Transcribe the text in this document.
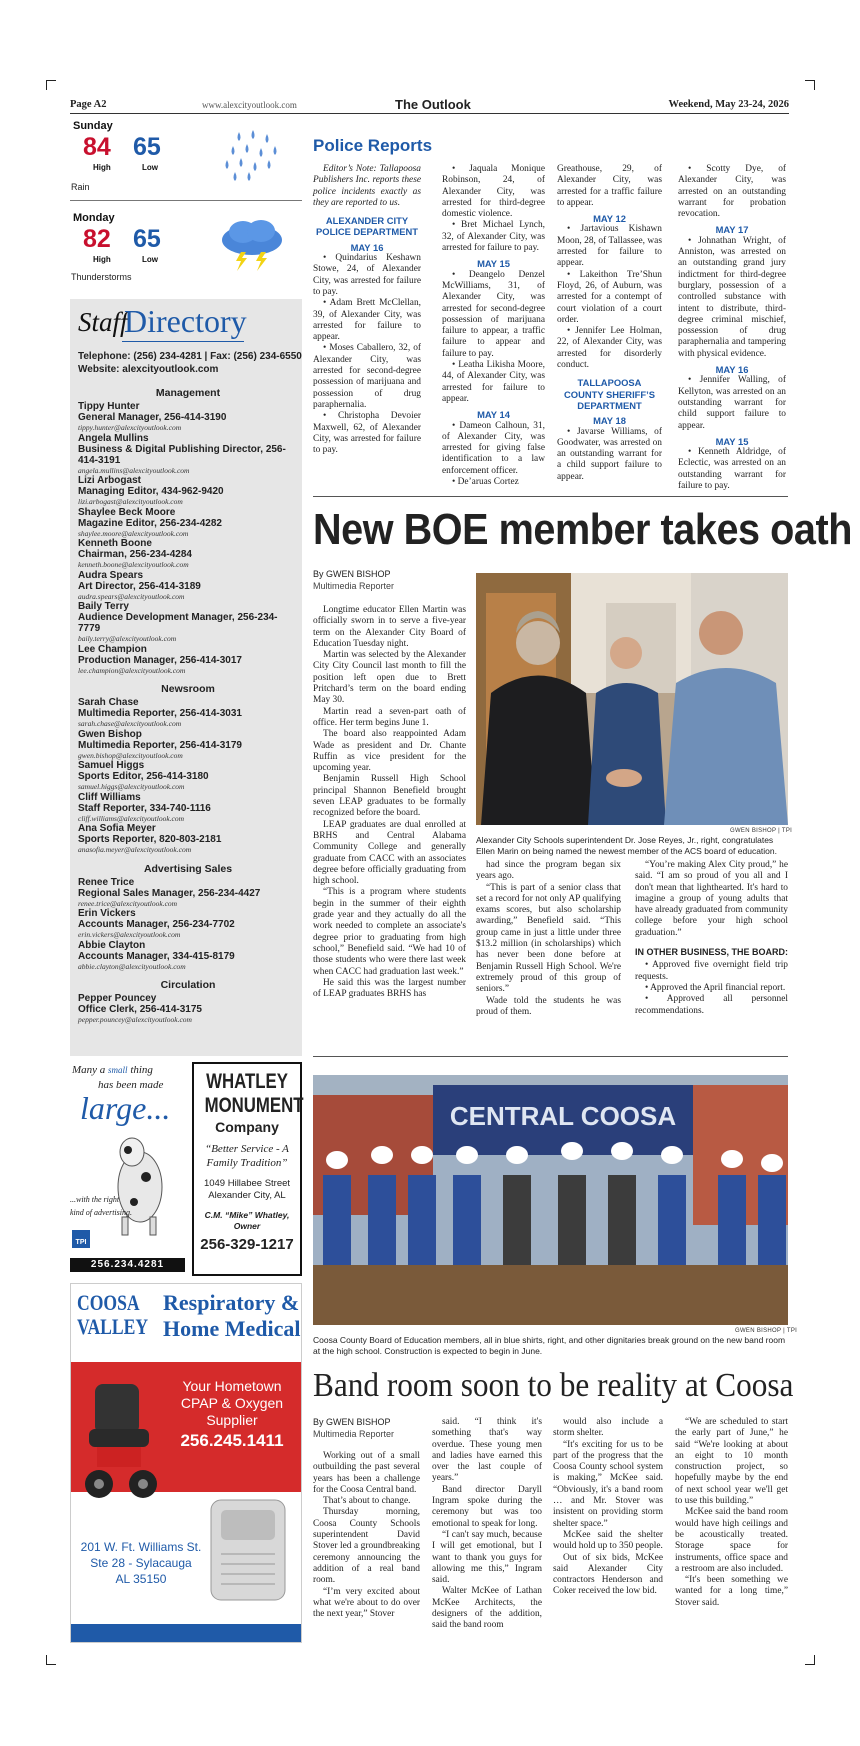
Page A2	www.alexcityoutlook.com	The Outlook	Weekend, May 23-24, 2026
Sunday
84 65
High	Low
Rain
Monday
82 65
High	Low
Thunderstorms
Staff
Directory
Telephone: (256) 234-4281 | Fax: (256) 234-6550
Website: alexcityoutlook.com
Management
Tippy Hunter
General Manager, 256-414-3190
tippy.hunter@alexcityoutlook.com
Angela Mullins
Business & Digital Publishing Director, 256-414-3191
angela.mullins@alexcityoutlook.com
Lizi Arbogast
Managing Editor, 434-962-9420
lizi.arbogast@alexcityoutlook.com
Shaylee Beck Moore
Magazine Editor, 256-234-4282
shaylee.moore@alexcityoutlook.com
Kenneth Boone
Chairman, 256-234-4284
kenneth.boone@alexcityoutlook.com
Audra Spears
Art Director, 256-414-3189
audra.spears@alexcityoutlook.com
Baily Terry
Audience Development Manager, 256-234-7779
baily.terry@alexcityoutlook.com
Lee Champion
Production Manager, 256-414-3017
lee.champion@alexcityoutlook.com
Newsroom
Sarah Chase
Multimedia Reporter, 256-414-3031
sarah.chase@alexcityoutlook.com
Gwen Bishop
Multimedia Reporter, 256-414-3179
gwen.bishop@alexcityoutlook.com
Samuel Higgs
Sports Editor, 256-414-3180
samuel.higgs@alexcityoutlook.com
Cliff Williams
Staff Reporter, 334-740-1116
cliff.williams@alexcityoutlook.com
Ana Sofia Meyer
Sports Reporter, 820-803-2181
anasofia.meyer@alexcityoutlook.com
Advertising Sales
Renee Trice
Regional Sales Manager, 256-234-4427
renee.trice@alexcityoutlook.com
Erin Vickers
Accounts Manager, 256-234-7702
erin.vickers@alexcityoutlook.com
Abbie Clayton
Accounts Manager, 334-415-8179
abbie.clayton@alexcityoutlook.com
Circulation
Pepper Pouncey
Office Clerk, 256-414-3175
pepper.pouncey@alexcityoutlook.com
Police Reports

Editor’s Note: Tallapoosa Publishers Inc. reports these police incidents exactly as they are reported to us.

ALEXANDER CITY POLICE DEPARTMENT

MAY 16

• Quindarius Keshawn Stowe, 24, of Alexander City, was arrested for failure to pay.

• Adam Brett McClellan, 39, of Alexander City, was arrested for failure to appear.

• Moses Caballero, 32, of Alexander City, was arrested for second-degree possession of marijuana and possession of drug paraphernalia.

• Christopha Devoier Maxwell, 62, of Alexander City, was arrested for failure to pay.

• Jaquala Monique Robinson, 24, of Alexander City, was arrested for third-degree domestic violence.

• Bret Michael Lynch, 32, of Alexander City, was arrested for failure to pay.

MAY 15

• Deangelo Denzel McWilliams, 31, of Alexander City, was arrested for second-degree possession of marijuana failure to appear, a traffic failure to appear and failure to pay.

• Leatha Likisha Moore, 44, of Alexander City, was arrested for failure to appear.

MAY 14

• Dameon Calhoun, 31, of Alexander City, was arrested for giving false identification to a law enforcement officer.

• De’aruas Cortez

Greathouse, 29, of Alexander City, was arrested for a traffic failure to appear.

MAY 12

• Jartavious Kishawn Moon, 28, of Tallassee, was arrested for failure to appear.

• Lakeithon Tre’Shun Floyd, 26, of Auburn, was arrested for a contempt of court violation of a court order.

• Jennifer Lee Holman, 22, of Alexander City, was arrested for disorderly conduct.

TALLAPOOSA COUNTY SHERIFF’S DEPARTMENT

MAY 18

• Javarse Williams, of Goodwater, was arrested on an outstanding warrant for a child support failure to appear.

• Scotty Dye, of Alexander City, was arrested on an outstanding warrant for probation revocation.

MAY 17

• Johnathan Wright, of Anniston, was arrested on an outstanding grand jury indictment for third-degree burglary, possession of a controlled substance with intent to distribute, third-degree criminal mischief, possession of drug paraphernalia and tampering with physical evidence.

MAY 16

• Jennifer Walling, of Kellyton, was arrested on an outstanding warrant for child support failure to appear.

MAY 15

• Kenneth Aldridge, of Eclectic, was arrested on an outstanding warrant for failure to pay.

New BOE member takes oath
By GWEN BISHOP
Multimedia Reporter
GWEN BISHOP | TPI
Alexander City Schools superintendent Dr. Jose Reyes, Jr., right, congratulates Ellen Marin on being named the newest member of the ACS board of education.

Longtime educator Ellen Martin was officially sworn in to serve a five-year term on the Alexander City Board of Education Tuesday night.

Martin was selected by the Alexander City City Council last month to fill the position left open due to Brett Pritchard’s term on the board ending May 30.

Martin read a seven-part oath of office. Her term begins June 1.

The board also reappointed Adam Wade as president and Dr. Chante Ruffin as vice president for the upcoming year.

Benjamin Russell High School principal Shannon Benefield brought seven LEAP graduates to be formally recognized before the board.

LEAP graduates are dual enrolled at BRHS and Central Alabama Community College and generally graduate from CACC with an associates degree before officially graduating from high school.

“This is a program where students begin in the summer of their eighth grade year and they actually do all the work needed to complete an associate's degree prior to graduating from high school,” Benefield said. “We had 10 of those students who were there last week when CACC had graduation last week.”

He said this was the largest number of LEAP graduates BRHS has

had since the program began six years ago.

“This is part of a senior class that set a record for not only AP qualifying exams scores, but also scholarship awarding,” Benefield said. “This group came in just a little under three $13.2 million (in scholarships) which has never been done before at Benjamin Russell High School. We're extremely proud of this group of seniors.”

Wade told the students he was proud of them.

“You’re making Alex City proud,” he said. “I am so proud of you all and I don't mean that lighthearted. It's hard to imagine a group of young adults that have already graduated from community college before your high school graduation.”

IN OTHER BUSINESS, THE BOARD:

• Approved five overnight field trip requests.

• Approved the April financial report.

• Approved all personnel recommendations.

CENTRAL COOSA
GWEN BISHOP | TPI
Coosa County Board of Education members, all in blue shirts, right, and other dignitaries break ground on the new band room at the high school. Construction is expected to begin in June.
Band room soon to be reality at Coosa
By GWEN BISHOP
Multimedia Reporter

Working out of a small outbuilding the past several years has been a challenge for the Coosa Central band.

That’s about to change.

Thursday morning, Coosa County Schools superintendent David Stover led a groundbreaking ceremony announcing the addition of a real band room.

“I’m very excited about what we're about to do over the next year,” Stover

said. “I think it's something that's way overdue. These young men and ladies have earned this over the last couple of years.”

Band director Daryll Ingram spoke during the ceremony but was too emotional to speak for long.

“I can't say much, because I will get emotional, but I want to thank you guys for allowing me this,” Ingram said.

Walter McKee of Lathan McKee Architects, the designers of the addition, said the band room

would also include a storm shelter.

“It's exciting for us to be part of the progress that the Coosa County school system is making,” McKee said. “Obviously, it's a band room … and Mr. Stover was insistent on providing storm shelter space.”

McKee said the shelter would hold up to 350 people.

Out of six bids, McKee said Alexander City contractors Henderson and Coker received the low bid.

“We are scheduled to start the early part of June,” he said “We're looking at about an eight to 10 month construction project, so hopefully maybe by the end of next school year we'll get to use this building.”

McKee said the band room would have high ceilings and be acoustically treated. Storage space for instruments, office space and a restroom are also included.

“It's been something we wanted for a long time,” Stover said.

Many a small thing
has been made
large...
...with the right
kind of advertising.
TPI
256.234.4281
WHATLEY
MONUMENT
Company
“Better Service - A Family Tradition”
1049 Hillabee Street
Alexander City, AL
C.M. “Mike” Whatley, Owner
256-329-1217
COOSA
VALLEY
Respiratory &
Home Medical
Your Hometown
CPAP & Oxygen
Supplier
256.245.1411
201 W. Ft. Williams St.
Ste 28 - Sylacauga
AL 35150
